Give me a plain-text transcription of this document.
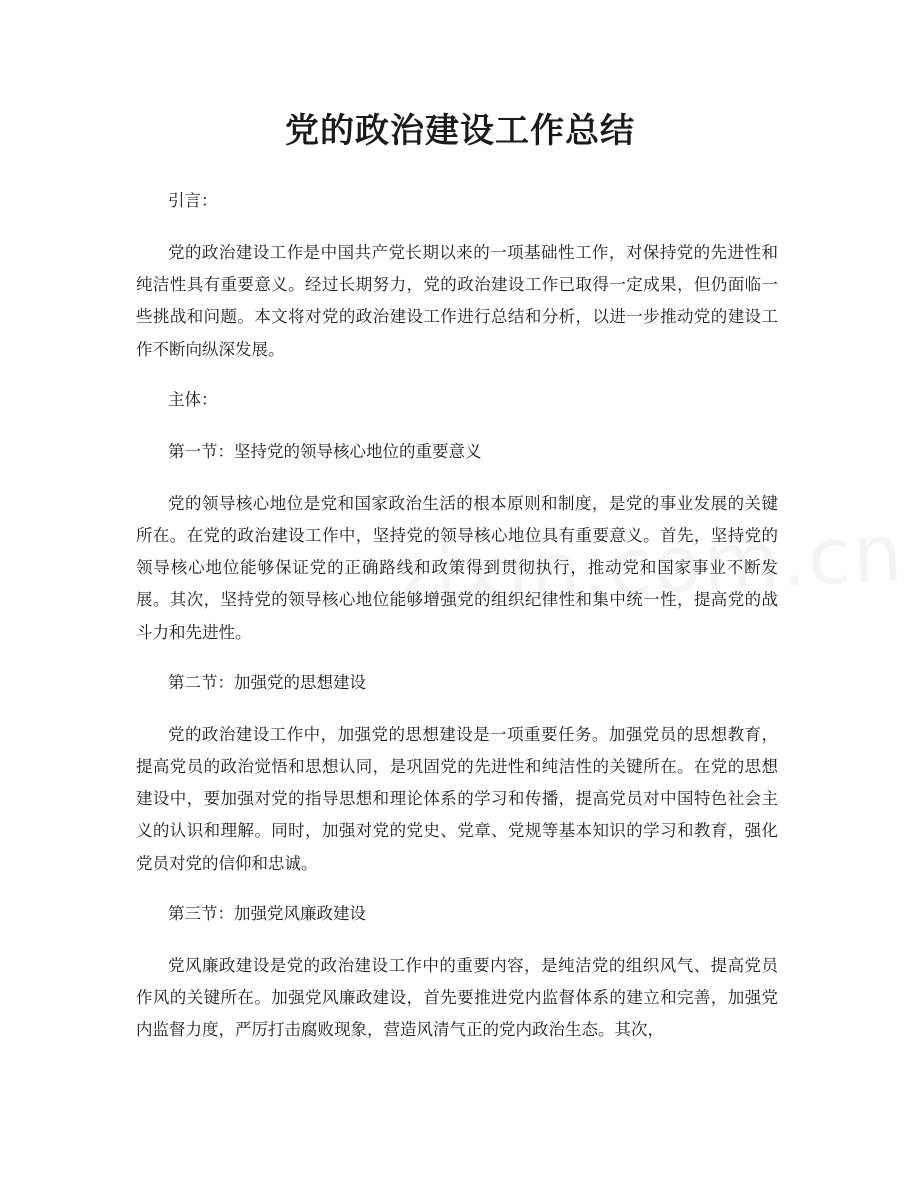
党的政治建设工作总结

引言：

党的政治建设工作是中国共产党长期以来的一项基础性工作，对保持党的先进性和纯洁性具有重要意义。经过长期努力，党的政治建设工作已取得一定成果，但仍面临一些挑战和问题。本文将对党的政治建设工作进行总结和分析，以进一步推动党的建设工作不断向纵深发展。

主体：

第一节：坚持党的领导核心地位的重要意义

党的领导核心地位是党和国家政治生活的根本原则和制度，是党的事业发展的关键所在。在党的政治建设工作中，坚持党的领导核心地位具有重要意义。首先，坚持党的领导核心地位能够保证党的正确路线和政策得到贯彻执行，推动党和国家事业不断发展。其次，坚持党的领导核心地位能够增强党的组织纪律性和集中统一性，提高党的战斗力和先进性。

第二节：加强党的思想建设

党的政治建设工作中，加强党的思想建设是一项重要任务。加强党员的思想教育，提高党员的政治觉悟和思想认同，是巩固党的先进性和纯洁性的关键所在。在党的思想建设中，要加强对党的指导思想和理论体系的学习和传播，提高党员对中国特色社会主义的认识和理解。同时，加强对党的党史、党章、党规等基本知识的学习和教育，强化党员对党的信仰和忠诚。

第三节：加强党风廉政建设

党风廉政建设是党的政治建设工作中的重要内容，是纯洁党的组织风气、提高党员作风的关键所在。加强党风廉政建设，首先要推进党内监督体系的建立和完善，加强党内监督力度，严厉打击腐败现象，营造风清气正的党内政治生态。其次，
